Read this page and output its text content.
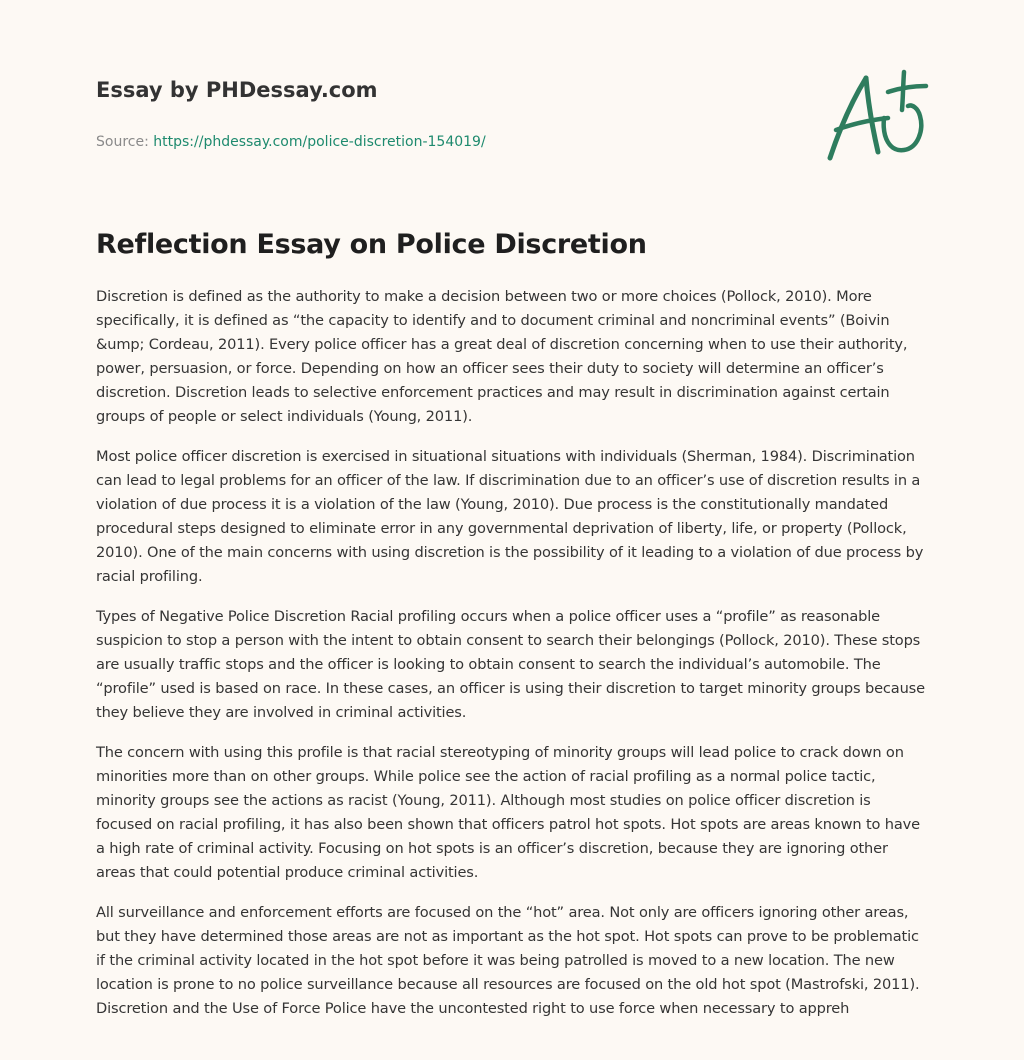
Essay by PHDessay.com
Source: https://phdessay.com/police-discretion-154019/
Reflection Essay on Police Discretion

Discretion is defined as the authority to make a decision between two or more choices (Pollock, 2010). More specifically, it is defined as “the capacity to identify and to document criminal and noncriminal events” (Boivin &ump; Cordeau, 2011). Every police officer has a great deal of discretion concerning when to use their authority, power, persuasion, or force. Depending on how an officer sees their duty to society will determine an officer’s discretion. Discretion leads to selective enforcement practices and may result in discrimination against certain groups of people or select individuals (Young, 2011).

Most police officer discretion is exercised in situational situations with individuals (Sherman, 1984). Discrimination can lead to legal problems for an officer of the law. If discrimination due to an officer’s use of discretion results in a violation of due process it is a violation of the law (Young, 2010). Due process is the constitutionally mandated procedural steps designed to eliminate error in any governmental deprivation of liberty, life, or property (Pollock, 2010). One of the main concerns with using discretion is the possibility of it leading to a violation of due process by racial profiling.

Types of Negative Police Discretion Racial profiling occurs when a police officer uses a “profile” as reasonable suspicion to stop a person with the intent to obtain consent to search their belongings (Pollock, 2010). These stops are usually traffic stops and the officer is looking to obtain consent to search the individual’s automobile. The “profile” used is based on race. In these cases, an officer is using their discretion to target minority groups because they believe they are involved in criminal activities.

The concern with using this profile is that racial stereotyping of minority groups will lead police to crack down on minorities more than on other groups. While police see the action of racial profiling as a normal police tactic, minority groups see the actions as racist (Young, 2011). Although most studies on police officer discretion is focused on racial profiling, it has also been shown that officers patrol hot spots. Hot spots are areas known to have a high rate of criminal activity. Focusing on hot spots is an officer’s discretion, because they are ignoring other areas that could potential produce criminal activities.

All surveillance and enforcement efforts are focused on the “hot” area. Not only are officers ignoring other areas, but they have determined those areas are not as important as the hot spot. Hot spots can prove to be problematic if the criminal activity located in the hot spot before it was being patrolled is moved to a new location. The new location is prone to no police surveillance because all resources are focused on the old hot spot (Mastrofski, 2011). Discretion and the Use of Force Police have the uncontested right to use force when necessary to appreh
